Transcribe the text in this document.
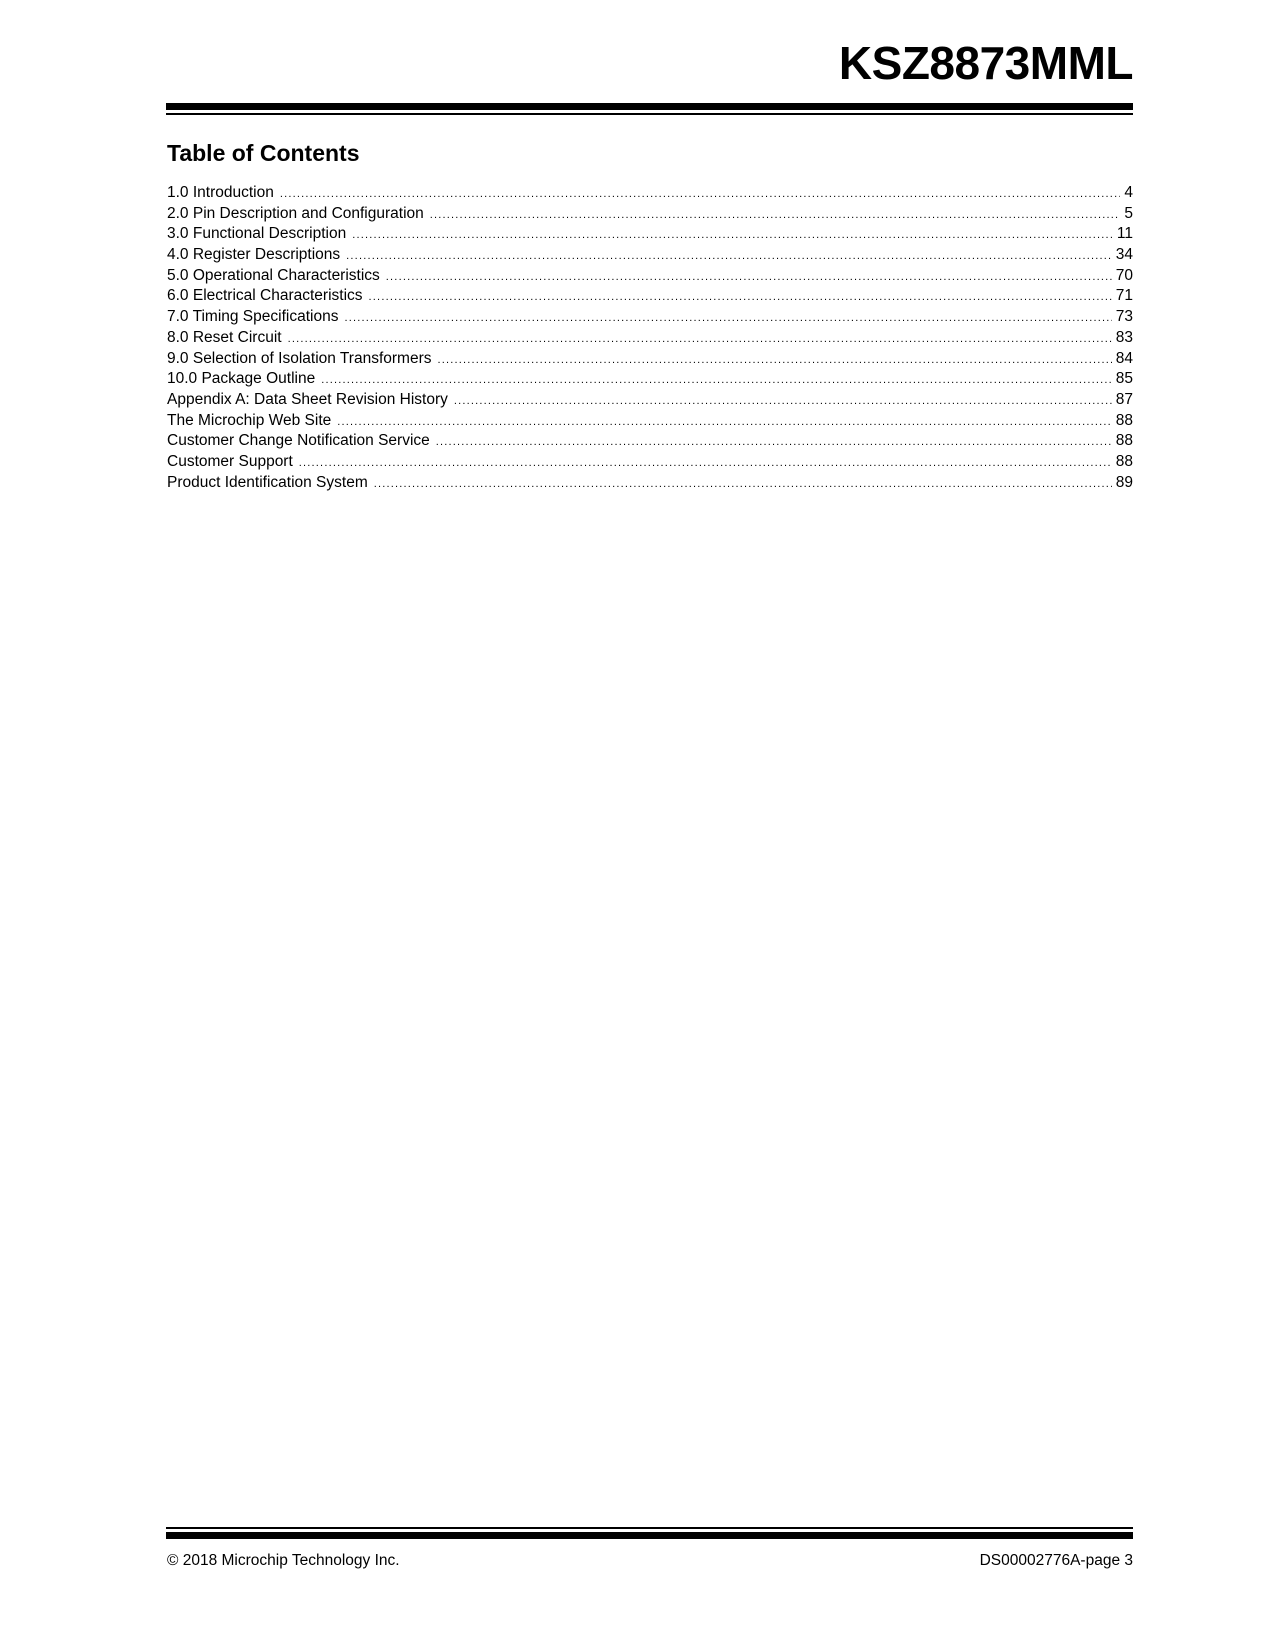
KSZ8873MML
Table of Contents
1.0 Introduction .....	4
2.0 Pin Description and Configuration .....	5
3.0 Functional Description .....	11
4.0 Register Descriptions .....	34
5.0 Operational Characteristics .....	70
6.0 Electrical Characteristics .....	71
7.0 Timing Specifications .....	73
8.0 Reset Circuit .....	83
9.0 Selection of Isolation Transformers .....	84
10.0 Package Outline .....	85
Appendix A: Data Sheet Revision History .....	87
The Microchip Web Site .....	88
Customer Change Notification Service .....	88
Customer Support .....	88
Product Identification System .....	89
© 2018 Microchip Technology Inc.	DS00002776A-page 3
